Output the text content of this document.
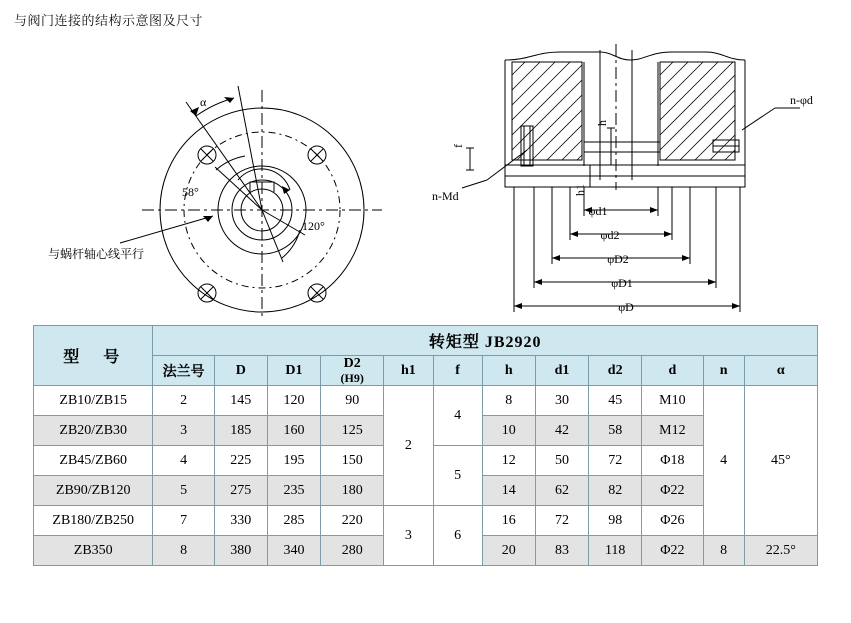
与阀门连接的结构示意图及尺寸
α
58°
120°
与蜗杆轴心线平行
n-φd
n-Md
f
h
h1
φd1
φd2
φD2
φD1
φD
型　号	转矩型 JB2920											
	法兰号	D	D1	D2
(H9)	h1	f	h	d1	d2	d	n	α
ZB10/ZB15	2	145	120	90	2	4	8	30	45	M10	4	45°
ZB20/ZB30	3	185	160	125			10	42	58	M12		
ZB45/ZB60	4	225	195	150		5	12	50	72	Φ18		
ZB90/ZB120	5	275	235	180			14	62	82	Φ22		
ZB180/ZB250	7	330	285	220	3	6	16	72	98	Φ26		
ZB350	8	380	340	280			20	83	118	Φ22	8	22.5°
